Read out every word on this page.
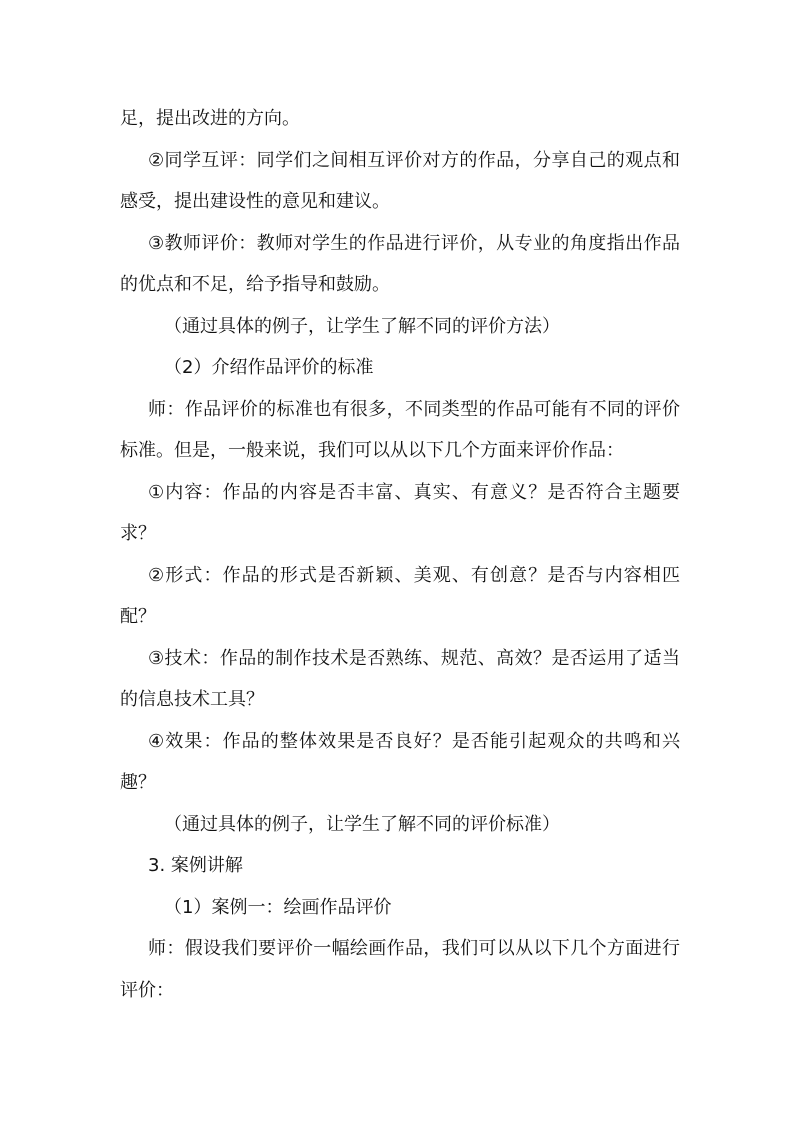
足，提出改进的方向。

②同学互评：同学们之间相互评价对方的作品，分享自己的观点和感受，提出建设性的意见和建议。

③教师评价：教师对学生的作品进行评价，从专业的角度指出作品的优点和不足，给予指导和鼓励。

（通过具体的例子，让学生了解不同的评价方法）

（2）介绍作品评价的标准

师：作品评价的标准也有很多，不同类型的作品可能有不同的评价标准。但是，一般来说，我们可以从以下几个方面来评价作品：

①内容：作品的内容是否丰富、真实、有意义？是否符合主题要求？

②形式：作品的形式是否新颖、美观、有创意？是否与内容相匹配？

③技术：作品的制作技术是否熟练、规范、高效？是否运用了适当的信息技术工具？

④效果：作品的整体效果是否良好？是否能引起观众的共鸣和兴趣？

（通过具体的例子，让学生了解不同的评价标准）

3. 案例讲解

（1）案例一：绘画作品评价

师：假设我们要评价一幅绘画作品，我们可以从以下几个方面进行评价：
